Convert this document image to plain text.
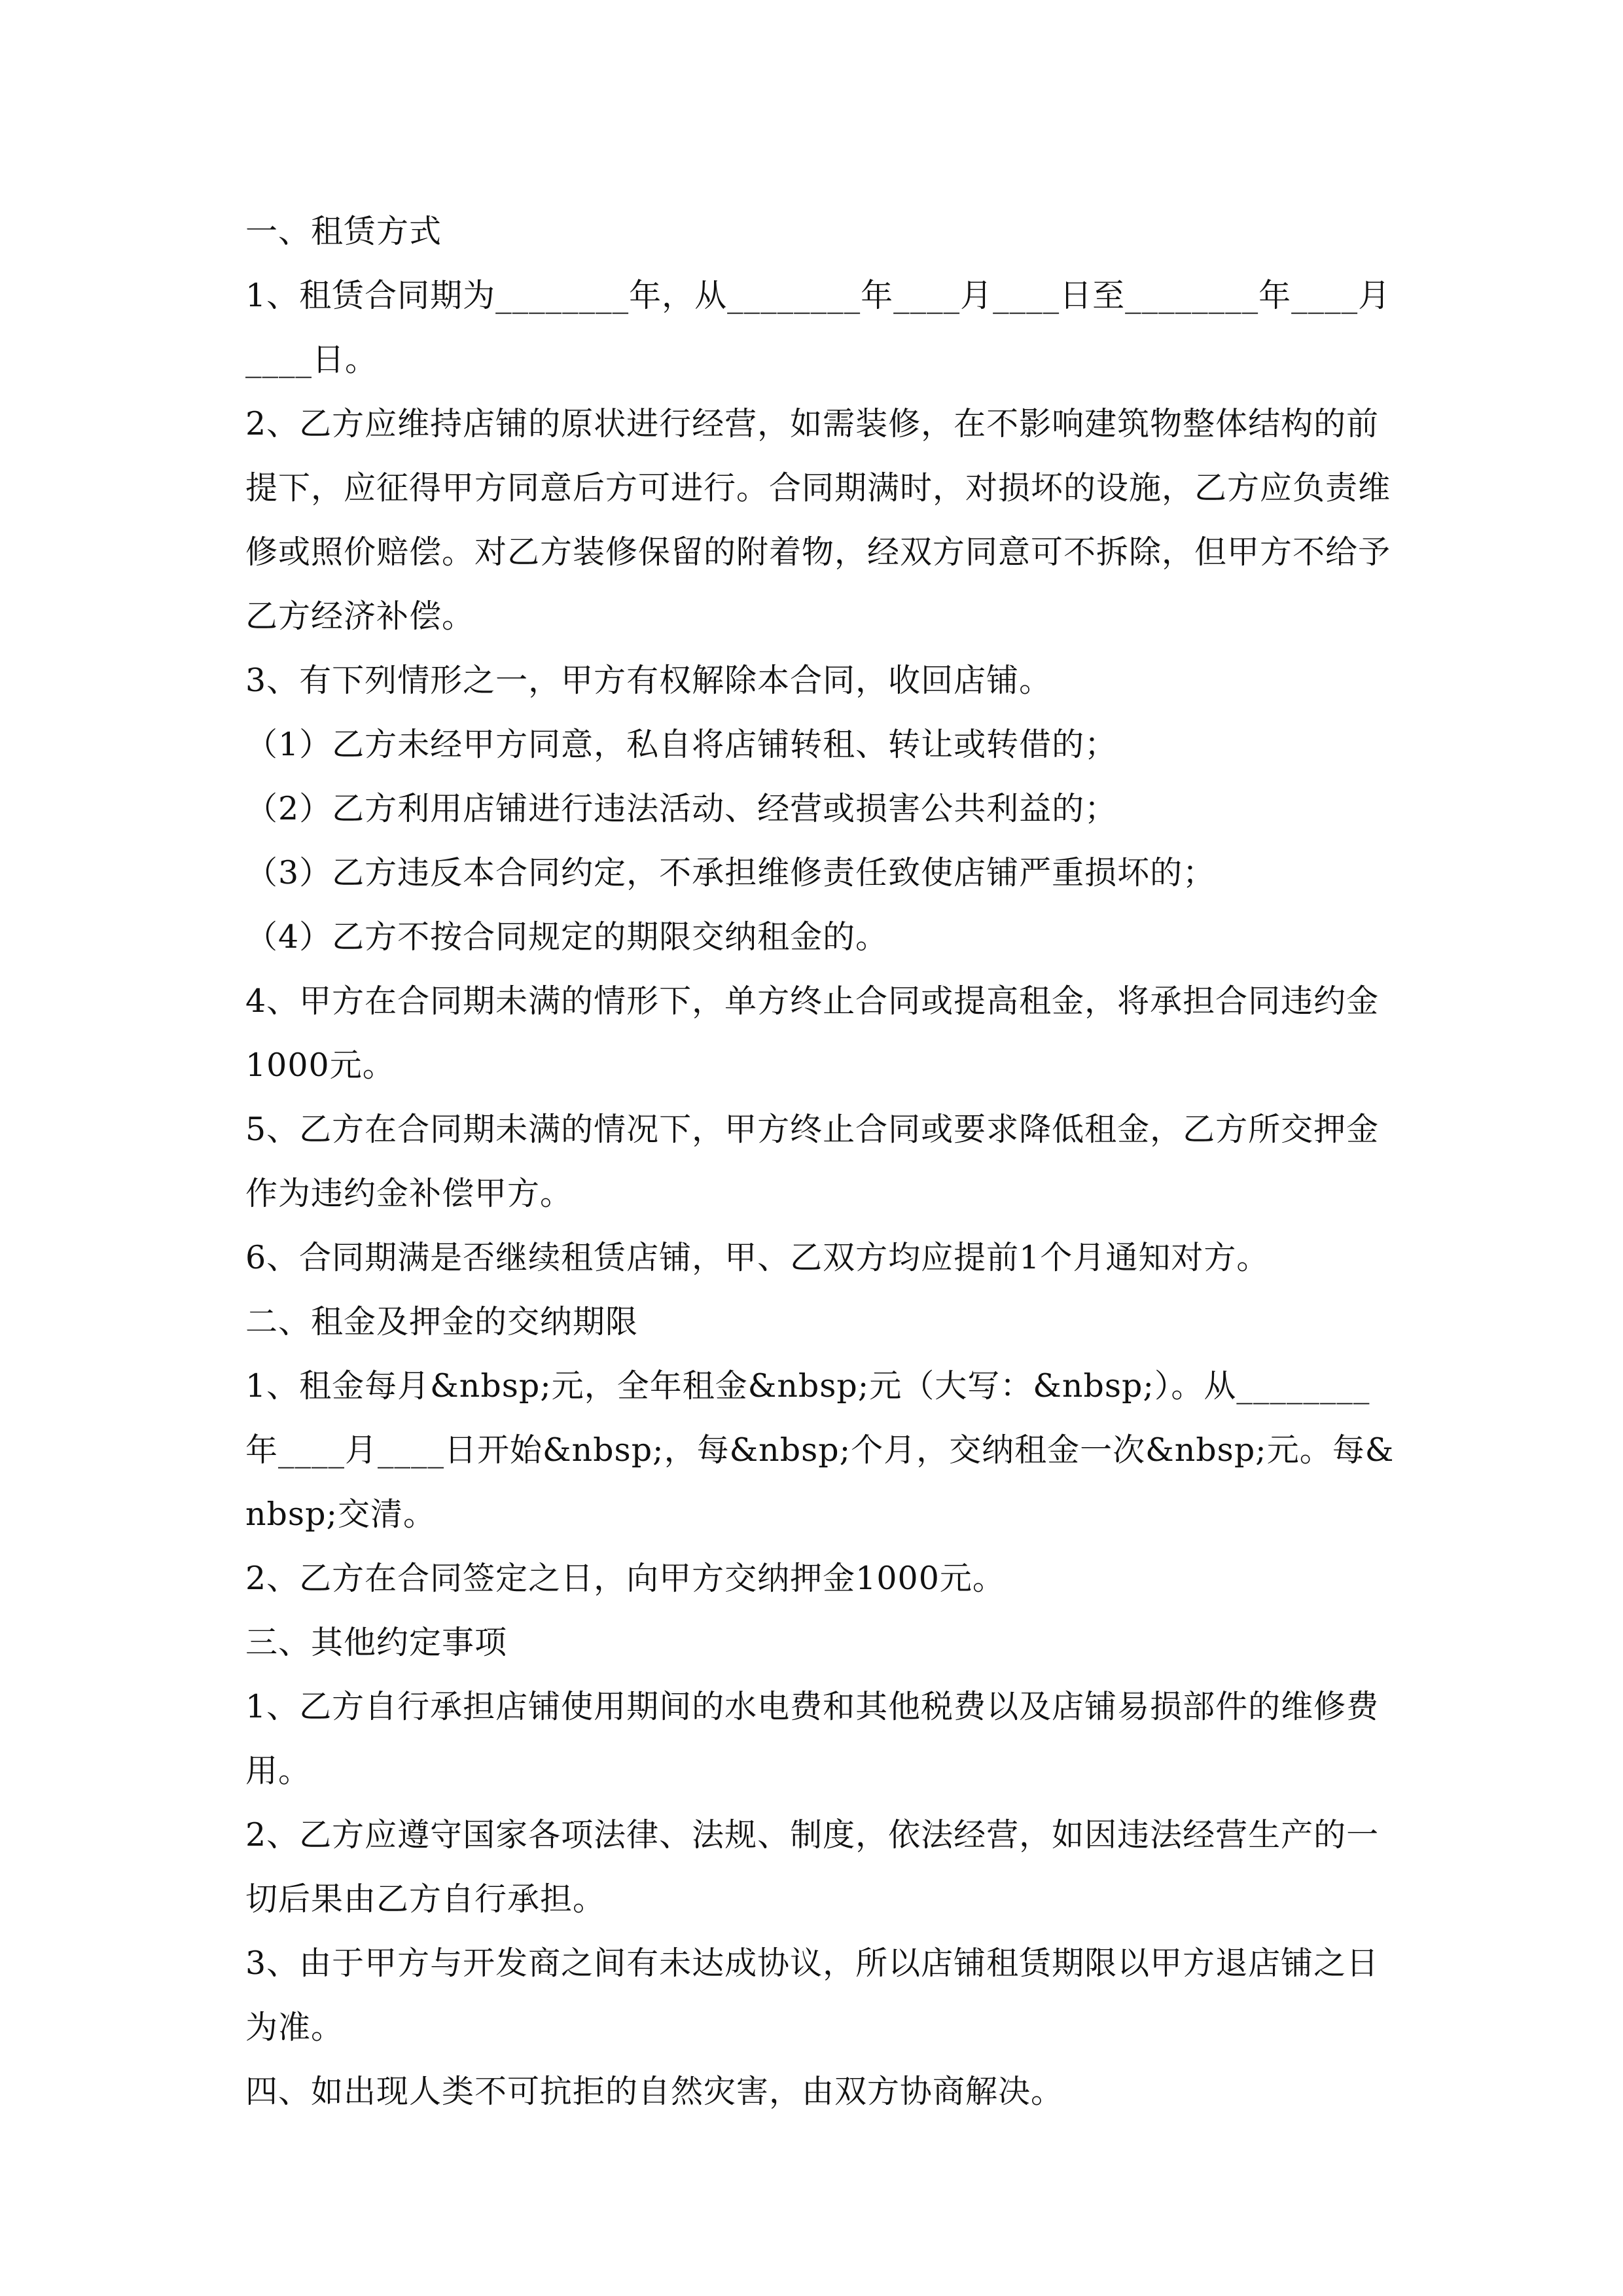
一、租赁方式

1、租赁合同期为________年，从________年____月____日至________年____月____日。

2、乙方应维持店铺的原状进行经营，如需装修，在不影响建筑物整体结构的前提下，应征得甲方同意后方可进行。合同期满时，对损坏的设施，乙方应负责维修或照价赔偿。对乙方装修保留的附着物，经双方同意可不拆除，但甲方不给予乙方经济补偿。

3、有下列情形之一，甲方有权解除本合同，收回店铺。

（1）乙方未经甲方同意，私自将店铺转租、转让或转借的；

（2）乙方利用店铺进行违法活动、经营或损害公共利益的；

（3）乙方违反本合同约定，不承担维修责任致使店铺严重损坏的；

（4）乙方不按合同规定的期限交纳租金的。

4、甲方在合同期未满的情形下，单方终止合同或提高租金，将承担合同违约金1000元。

5、乙方在合同期未满的情况下，甲方终止合同或要求降低租金，乙方所交押金作为违约金补偿甲方。

6、合同期满是否继续租赁店铺，甲、乙双方均应提前1个月通知对方。

二、租金及押金的交纳期限

1、租金每月&nbsp;元，全年租金&nbsp;元（大写：&nbsp;）。从________年____月____日开始&nbsp;，每&nbsp;个月，交纳租金一次&nbsp;元。每&nbsp;交清。

2、乙方在合同签定之日，向甲方交纳押金1000元。

三、其他约定事项

1、乙方自行承担店铺使用期间的水电费和其他税费以及店铺易损部件的维修费用。

2、乙方应遵守国家各项法律、法规、制度，依法经营，如因违法经营生产的一切后果由乙方自行承担。

3、由于甲方与开发商之间有未达成协议，所以店铺租赁期限以甲方退店铺之日为准。

四、如出现人类不可抗拒的自然灾害，由双方协商解决。
